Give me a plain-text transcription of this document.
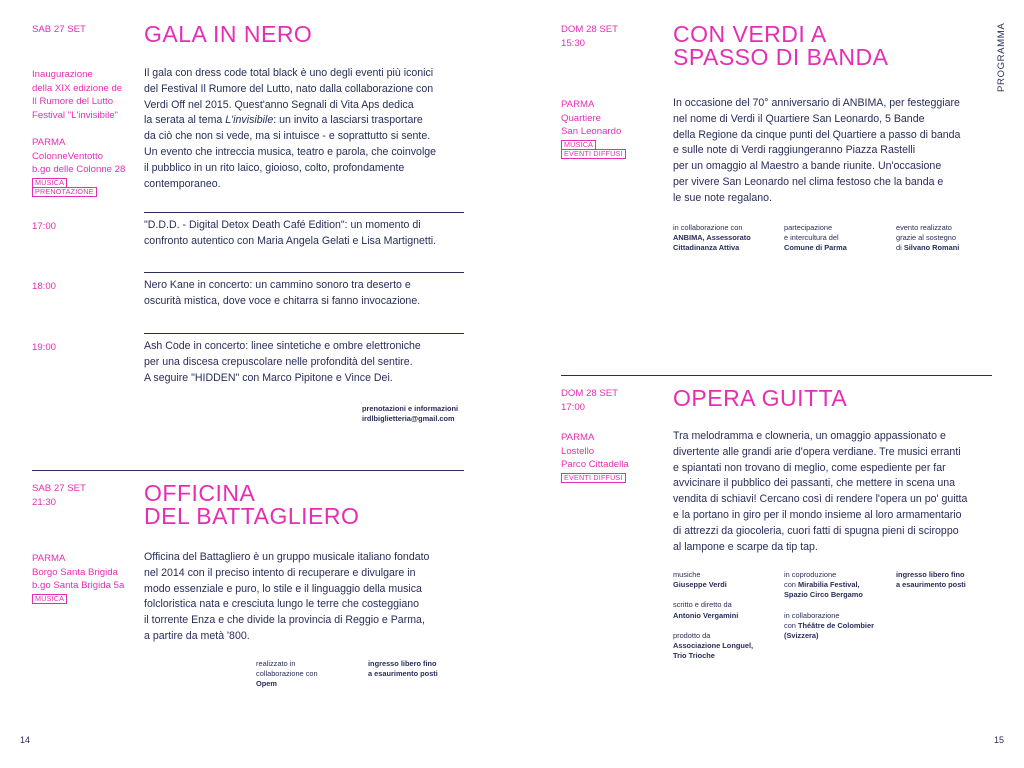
SAB 27 SET	GALA IN NERO
Inaugurazione
della XIX edizione de
Il Rumore del Lutto
Festival "L'invisibile"
PARMA
ColonneVentotto
b.go delle Colonne 28
MUSICA
PRENOTAZIONE
Il gala con dress code total black è uno degli eventi più iconici
del Festival Il Rumore del Lutto, nato dalla collaborazione con
Verdi Off nel 2015. Quest'anno Segnali di Vita Aps dedica
la serata al tema L'invisibile: un invito a lasciarsi trasportare
da ciò che non si vede, ma si intuisce - e soprattutto si sente.
Un evento che intreccia musica, teatro e parola, che coinvolge
il pubblico in un rito laico, gioioso, colto, profondamente
contemporaneo.
17:00	"D.D.D. - Digital Detox Death Café Edition": un momento di
confronto autentico con Maria Angela Gelati e Lisa Martignetti.
18:00	Nero Kane in concerto: un cammino sonoro tra deserto e
oscurità mistica, dove voce e chitarra si fanno invocazione.
19:00	Ash Code in concerto: linee sintetiche e ombre elettroniche
per una discesa crepuscolare nelle profondità del sentire.
A seguire "HIDDEN" con Marco Pipitone e Vince Dei.
prenotazioni e informazioni
irdlbiglietteria@gmail.com
SAB 27 SET
21:30	OFFICINA
DEL BATTAGLIERO
PARMA
Borgo Santa Brigida
b.go Santa Brigida 5a
MUSICA
Officina del Battagliero è un gruppo musicale italiano fondato
nel 2014 con il preciso intento di recuperare e divulgare in
modo essenziale e puro, lo stile e il linguaggio della musica
folcloristica nata e cresciuta lungo le terre che costeggiano
il torrente Enza e che divide la provincia di Reggio e Parma,
a partire da metà '800.
realizzato in
collaborazione con
Opem
ingresso libero fino
a esaurimento posti
14
PROGRAMMA
DOM 28 SET
15:30	CON VERDI A
SPASSO DI BANDA
PARMA
Quartiere
San Leonardo
MUSICA
EVENTI DIFFUSI
In occasione del 70° anniversario di ANBIMA, per festeggiare
nel nome di Verdi il Quartiere San Leonardo, 5 Bande
della Regione da cinque punti del Quartiere a passo di banda
e sulle note di Verdi raggiungeranno Piazza Rastelli
per un omaggio al Maestro a bande riunite. Un'occasione
per vivere San Leonardo nel clima festoso che la banda e
le sue note regalano.
in collaborazione con
ANBIMA, Assessorato
Cittadinanza Attiva
partecipazione
e intercultura del
Comune di Parma
evento realizzato
grazie al sostegno
di Silvano Romani
DOM 28 SET
17:00	OPERA GUITTA
PARMA
Lostello
Parco Cittadella
EVENTI DIFFUSI
Tra melodramma e clowneria, un omaggio appassionato e
divertente alle grandi arie d'opera verdiane. Tre musici erranti
e spiantati non trovano di meglio, come espediente per far
avvicinare il pubblico dei passanti, che mettere in scena una
vendita di schiavi! Cercano così di rendere l'opera un po' guitta
e la portano in giro per il mondo insieme al loro armamentario
di attrezzi da giocoleria, cuori fatti di spugna pieni di sciroppo
al lampone e scarpe da tip tap.
musiche
Giuseppe Verdi
scritto e diretto da
Antonio Vergamini
prodotto da
Associazione Longuel,
Trio Trioche
in coproduzione
con Mirabilia Festival,
Spazio Circo Bergamo
in collaborazione
con Théâtre de Colombier
(Svizzera)
ingresso libero fino
a esaurimento posti
15
